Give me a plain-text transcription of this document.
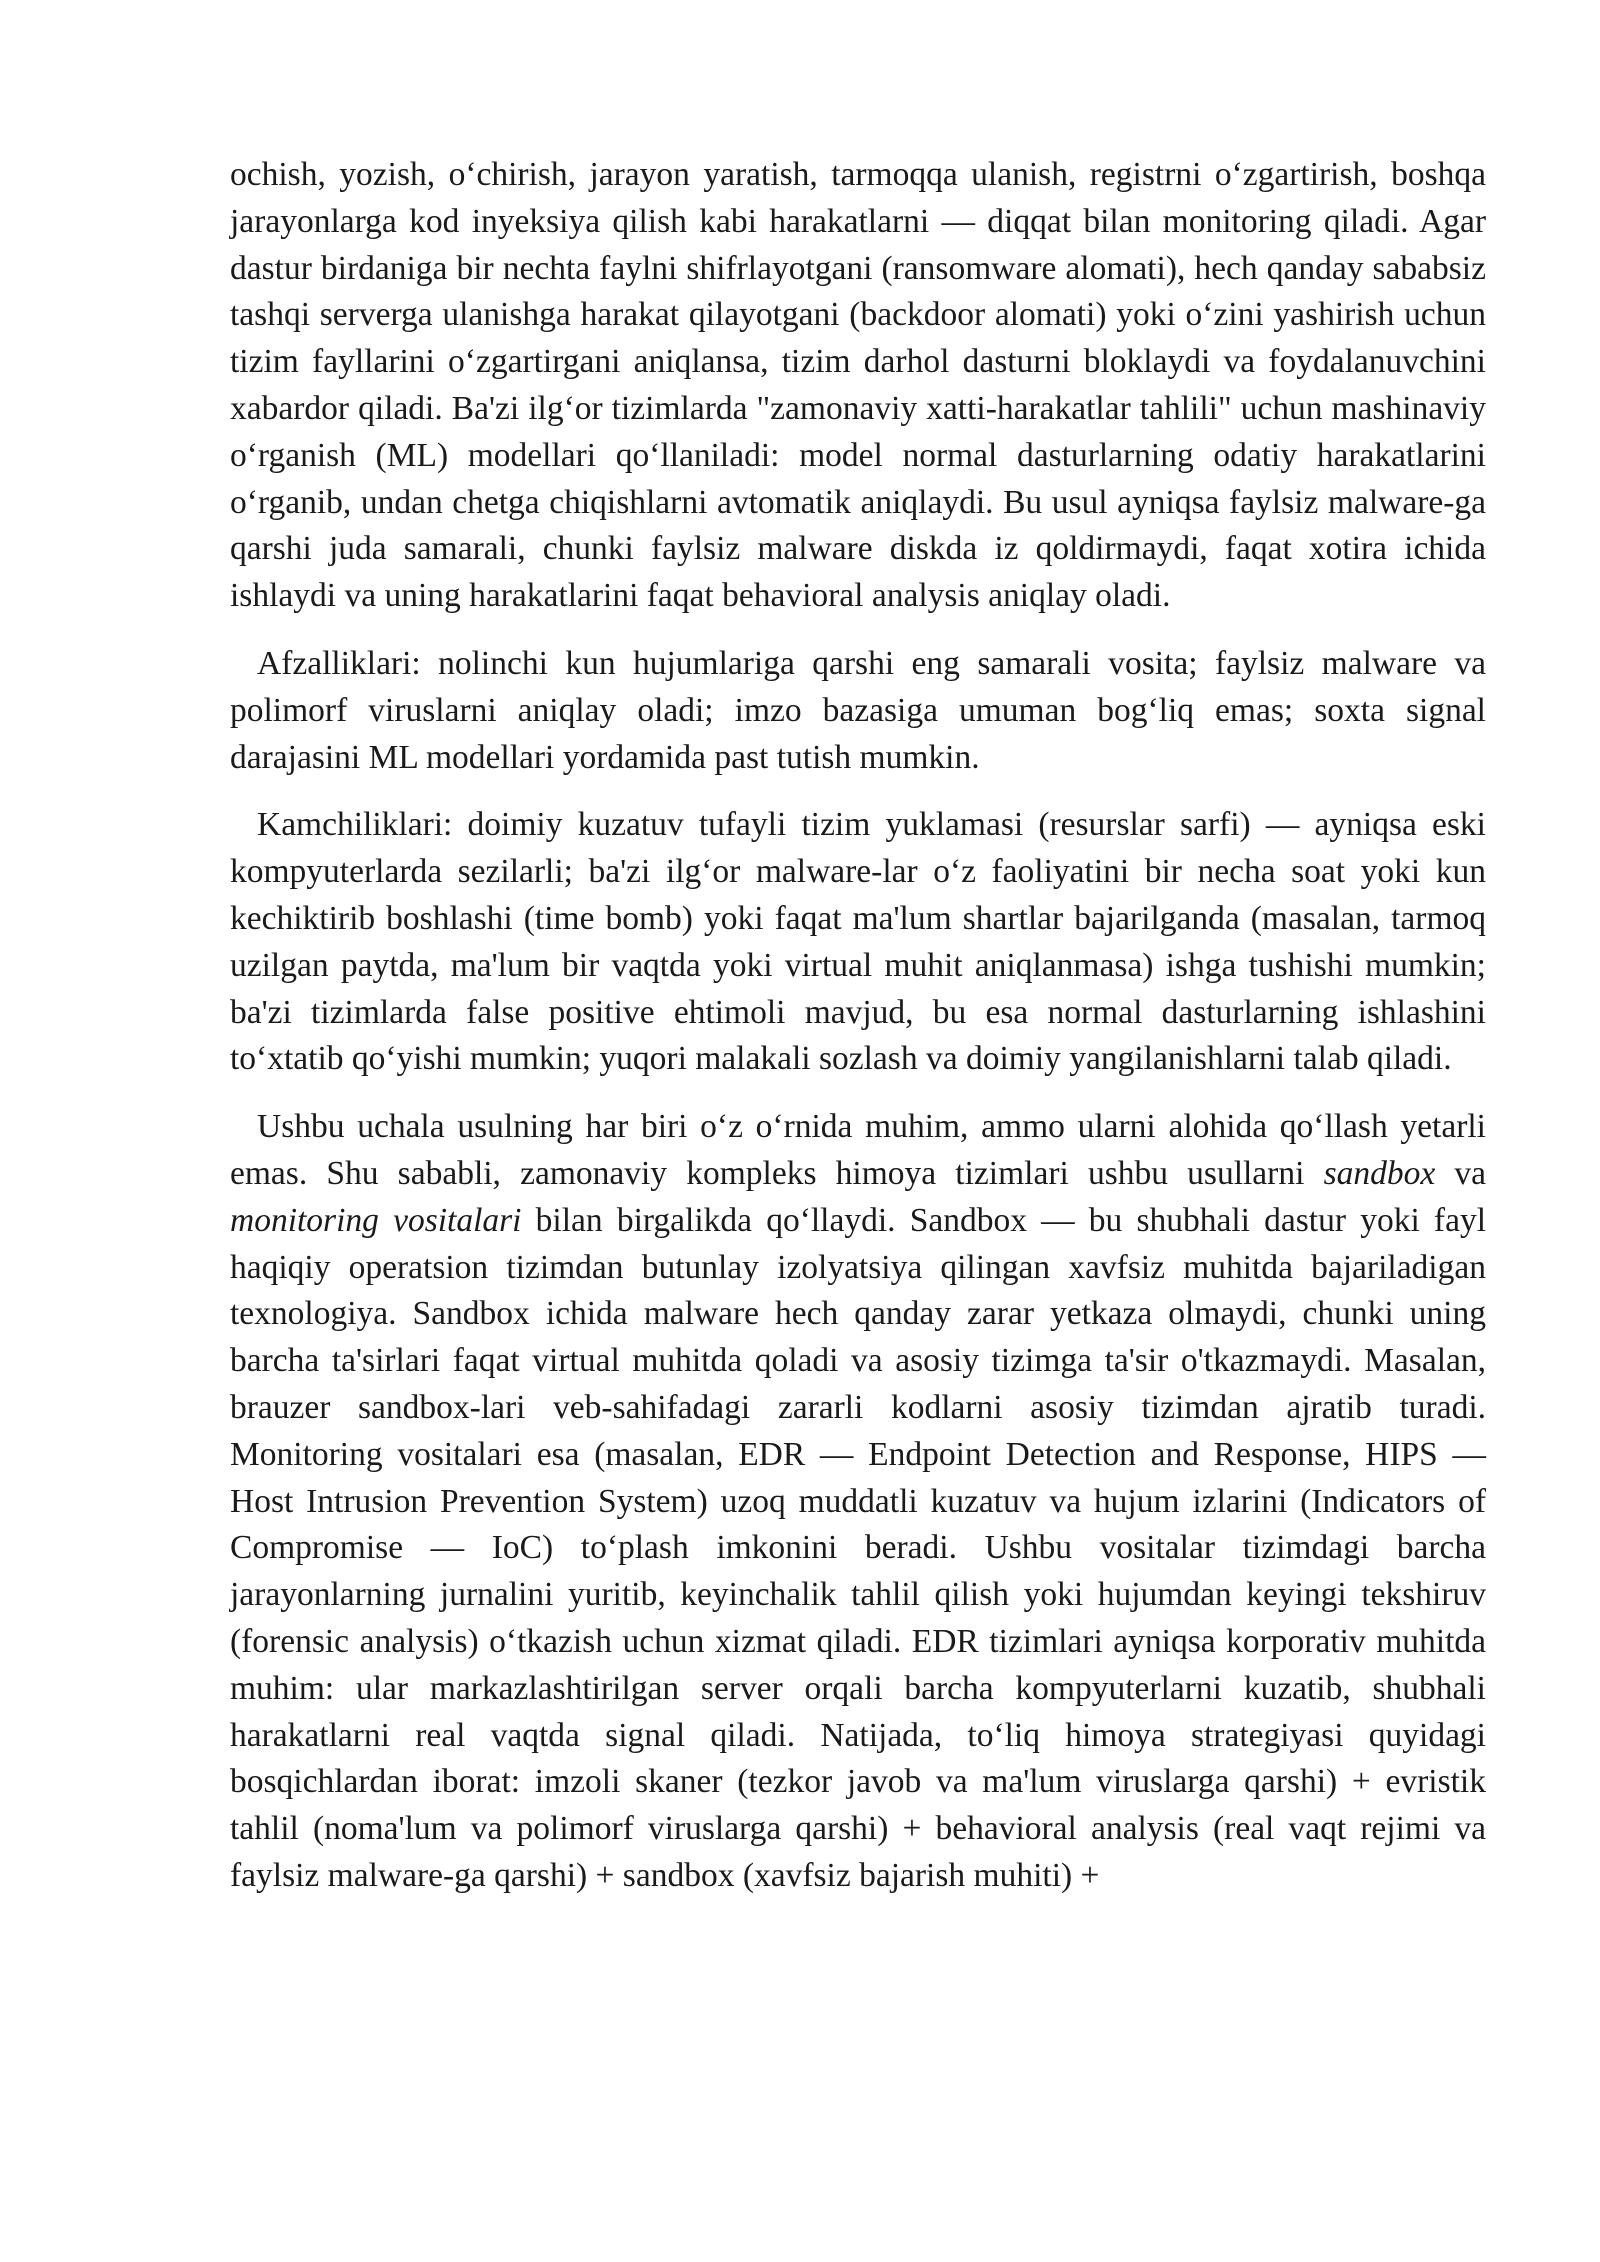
ochish, yozish, o‘chirish, jarayon yaratish, tarmoqqa ulanish, registrni o‘zgartirish, boshqa jarayonlarga kod inyeksiya qilish kabi harakatlarni — diqqat bilan monitoring qiladi. Agar dastur birdaniga bir nechta faylni shifrlayotgani (ransomware alomati), hech qanday sababsiz tashqi serverga ulanishga harakat qilayotgani (backdoor alomati) yoki o‘zini yashirish uchun tizim fayllarini o‘zgartirgani aniqlansa, tizim darhol dasturni bloklaydi va foydalanuvchini xabardor qiladi. Ba'zi ilg‘or tizimlarda "zamonaviy xatti-harakatlar tahlili" uchun mashinaviy o‘rganish (ML) modellari qo‘llaniladi: model normal dasturlarning odatiy harakatlarini o‘rganib, undan chetga chiqishlarni avtomatik aniqlaydi. Bu usul ayniqsa faylsiz malware-ga qarshi juda samarali, chunki faylsiz malware diskda iz qoldirmaydi, faqat xotira ichida ishlaydi va uning harakatlarini faqat behavioral analysis aniqlay oladi.

Afzalliklari: nolinchi kun hujumlariga qarshi eng samarali vosita; faylsiz malware va polimorf viruslarni aniqlay oladi; imzo bazasiga umuman bog‘liq emas; soxta signal darajasini ML modellari yordamida past tutish mumkin.

Kamchiliklari: doimiy kuzatuv tufayli tizim yuklamasi (resurslar sarfi) — ayniqsa eski kompyuterlarda sezilarli; ba'zi ilg‘or malware-lar o‘z faoliyatini bir necha soat yoki kun kechiktirib boshlashi (time bomb) yoki faqat ma'lum shartlar bajarilganda (masalan, tarmoq uzilgan paytda, ma'lum bir vaqtda yoki virtual muhit aniqlanmasa) ishga tushishi mumkin; ba'zi tizimlarda false positive ehtimoli mavjud, bu esa normal dasturlarning ishlashini to‘xtatib qo‘yishi mumkin; yuqori malakali sozlash va doimiy yangilanishlarni talab qiladi.

Ushbu uchala usulning har biri o‘z o‘rnida muhim, ammo ularni alohida qo‘llash yetarli emas. Shu sababli, zamonaviy kompleks himoya tizimlari ushbu usullarni sandbox va monitoring vositalari bilan birgalikda qo‘llaydi. Sandbox — bu shubhali dastur yoki fayl haqiqiy operatsion tizimdan butunlay izolyatsiya qilingan xavfsiz muhitda bajariladigan texnologiya. Sandbox ichida malware hech qanday zarar yetkaza olmaydi, chunki uning barcha ta'sirlari faqat virtual muhitda qoladi va asosiy tizimga ta'sir o'tkazmaydi. Masalan, brauzer sandbox-lari veb-sahifadagi zararli kodlarni asosiy tizimdan ajratib turadi. Monitoring vositalari esa (masalan, EDR — Endpoint Detection and Response, HIPS — Host Intrusion Prevention System) uzoq muddatli kuzatuv va hujum izlarini (Indicators of Compromise — IoC) to‘plash imkonini beradi. Ushbu vositalar tizimdagi barcha jarayonlarning jurnalini yuritib, keyinchalik tahlil qilish yoki hujumdan keyingi tekshiruv (forensic analysis) o‘tkazish uchun xizmat qiladi. EDR tizimlari ayniqsa korporativ muhitda muhim: ular markazlashtirilgan server orqali barcha kompyuterlarni kuzatib, shubhali harakatlarni real vaqtda signal qiladi. Natijada, to‘liq himoya strategiyasi quyidagi bosqichlardan iborat: imzoli skaner (tezkor javob va ma'lum viruslarga qarshi) + evristik tahlil (noma'lum va polimorf viruslarga qarshi) + behavioral analysis (real vaqt rejimi va faylsiz malware-ga qarshi) + sandbox (xavfsiz bajarish muhiti) +
